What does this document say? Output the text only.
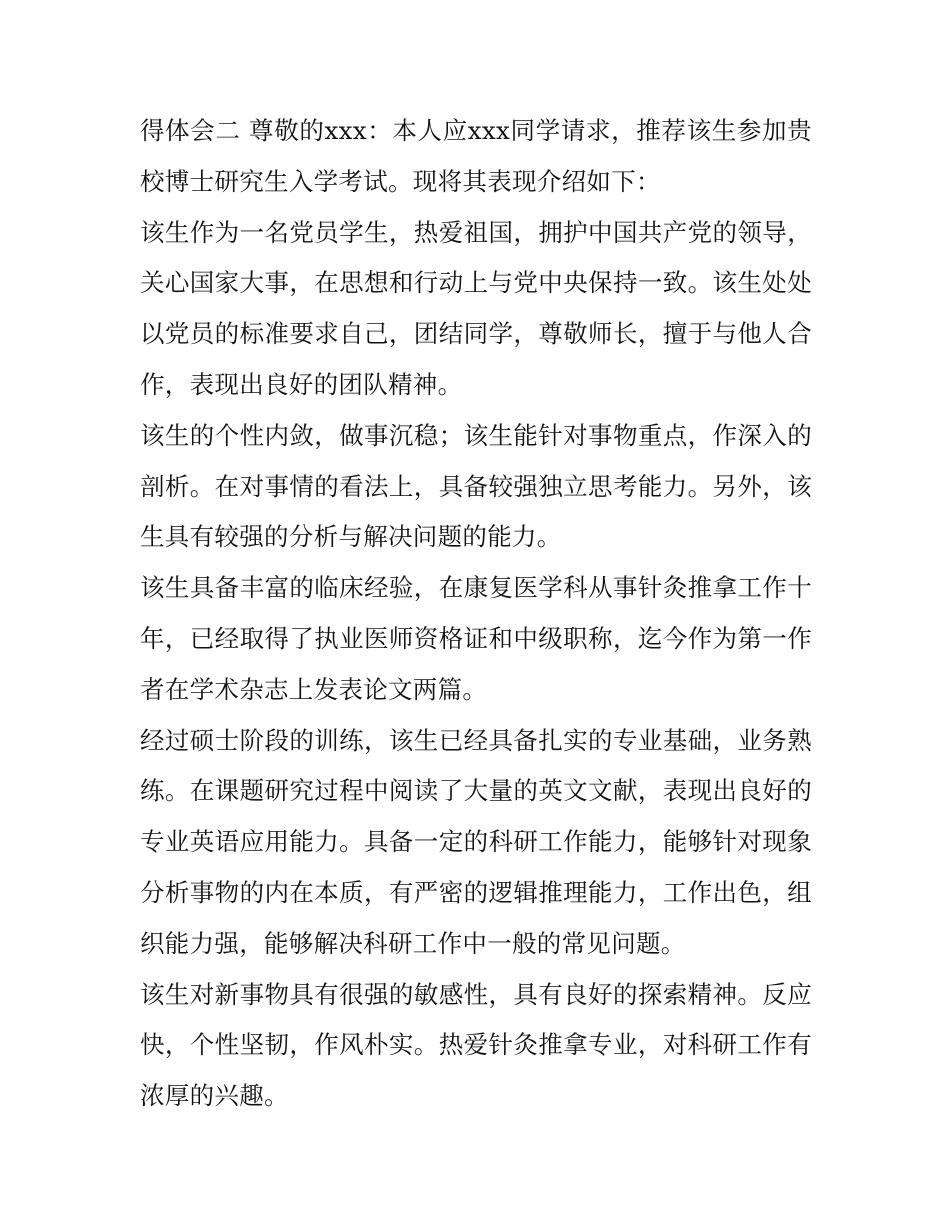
得体会二 尊敬的xxx：本人应xxx同学请求，推荐该生参加贵校博士研究生入学考试。现将其表现介绍如下：

该生作为一名党员学生，热爱祖国，拥护中国共产党的领导，关心国家大事，在思想和行动上与党中央保持一致。该生处处以党员的标准要求自己，团结同学，尊敬师长，擅于与他人合作，表现出良好的团队精神。

该生的个性内敛，做事沉稳；该生能针对事物重点，作深入的剖析。在对事情的看法上，具备较强独立思考能力。另外，该生具有较强的分析与解决问题的能力。

该生具备丰富的临床经验，在康复医学科从事针灸推拿工作十年，已经取得了执业医师资格证和中级职称，迄今作为第一作者在学术杂志上发表论文两篇。

经过硕士阶段的训练，该生已经具备扎实的专业基础，业务熟练。在课题研究过程中阅读了大量的英文文献，表现出良好的专业英语应用能力。具备一定的科研工作能力，能够针对现象分析事物的内在本质，有严密的逻辑推理能力，工作出色，组织能力强，能够解决科研工作中一般的常见问题。

该生对新事物具有很强的敏感性，具有良好的探索精神。反应快，个性坚韧，作风朴实。热爱针灸推拿专业，对科研工作有浓厚的兴趣。
